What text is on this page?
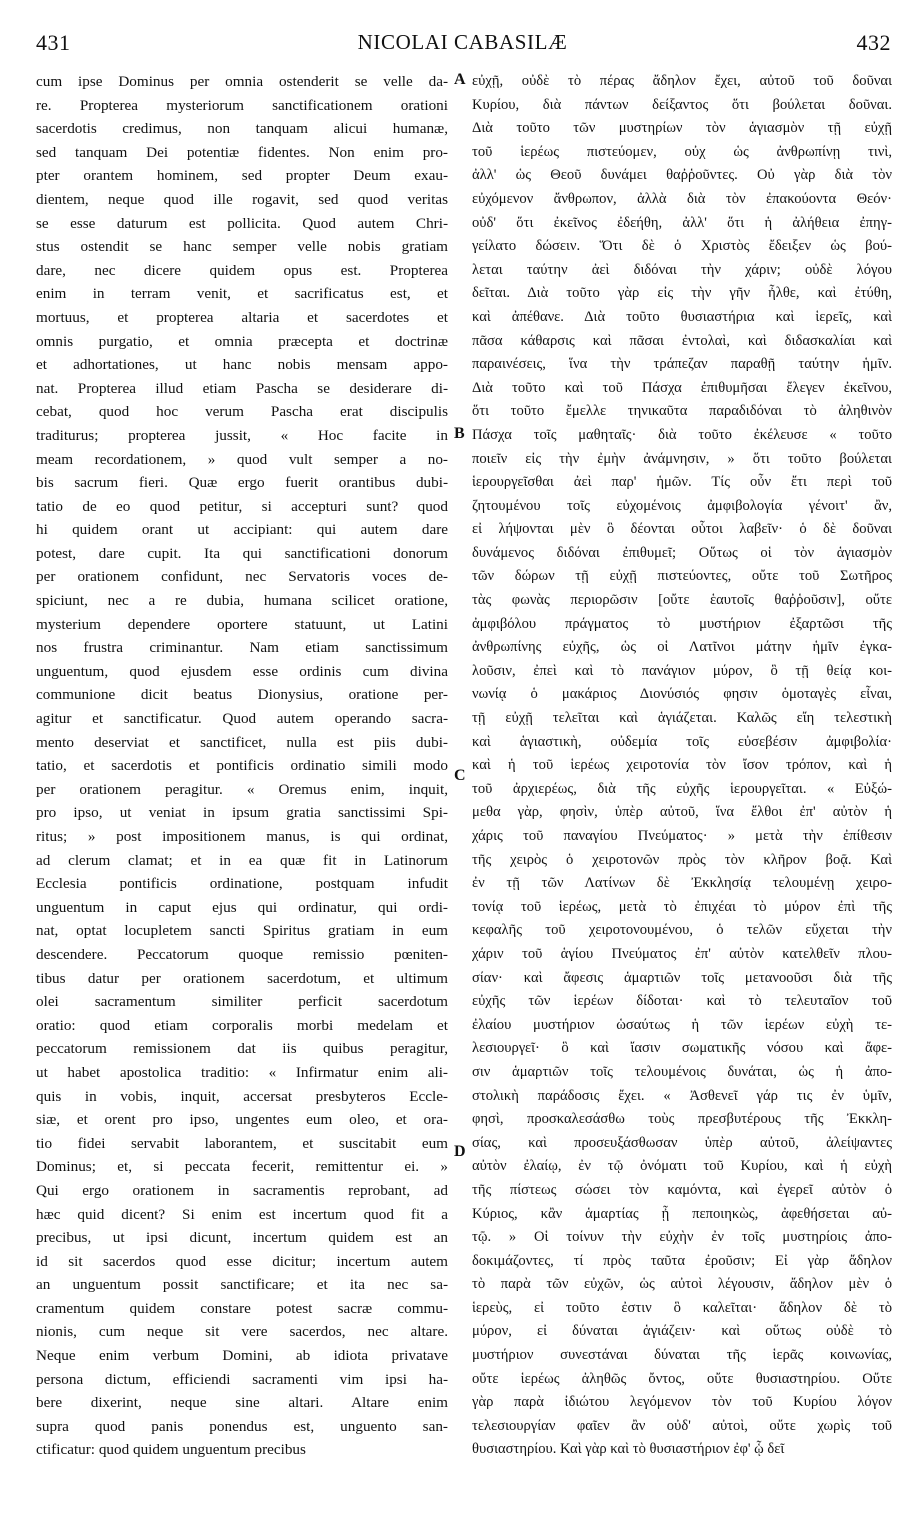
431	NICOLAI CABASILÆ	432
cum ipse Dominus per omnia ostenderit se velle da-
re. Propterea mysteriorum sanctificationem orationi
sacerdotis credimus, non tanquam alicui humanæ,
sed tanquam Dei potentiæ fidentes. Non enim pro-
pter orantem hominem, sed propter Deum exau-
dientem, neque quod ille rogavit, sed quod veritas
se esse daturum est pollicita. Quod autem Chri-
stus ostendit se hanc semper velle nobis gratiam
dare, nec dicere quidem opus est. Propterea
enim in terram venit, et sacrificatus est, et
mortuus, et propterea altaria et sacerdotes et
omnis purgatio, et omnia præcepta et doctrinæ
et adhortationes, ut hanc nobis mensam appo-
nat. Propterea illud etiam Pascha se desiderare di-
cebat, quod hoc verum Pascha erat discipulis
traditurus; propterea jussit, « Hoc facite in
meam recordationem, » quod vult semper a no-
bis sacrum fieri. Quæ ergo fuerit orantibus dubi-
tatio de eo quod petitur, si accepturi sunt? quod
hi quidem orant ut accipiant: qui autem dare
potest, dare cupit. Ita qui sanctificationi donorum
per orationem confidunt, nec Servatoris voces de-
spiciunt, nec a re dubia, humana scilicet oratione,
mysterium dependere oportere statuunt, ut Latini
nos frustra criminantur. Nam etiam sanctissimum
unguentum, quod ejusdem esse ordinis cum divina
communione dicit beatus Dionysius, oratione per-
agitur et sanctificatur. Quod autem operando sacra-
mento deserviat et sanctificet, nulla est piis dubi-
tatio, et sacerdotis et pontificis ordinatio simili modo
per orationem peragitur. « Oremus enim, inquit,
pro ipso, ut veniat in ipsum gratia sanctissimi Spi-
ritus; » post impositionem manus, is qui ordinat,
ad clerum clamat; et in ea quæ fit in Latinorum
Ecclesia pontificis ordinatione, postquam infudit
unguentum in caput ejus qui ordinatur, qui ordi-
nat, optat locupletem sancti Spiritus gratiam in eum
descendere. Peccatorum quoque remissio pœniten-
tibus datur per orationem sacerdotum, et ultimum
olei sacramentum similiter perficit sacerdotum
oratio: quod etiam corporalis morbi medelam et
peccatorum remissionem dat iis quibus peragitur,
ut habet apostolica traditio: « Infirmatur enim ali-
quis in vobis, inquit, accersat presbyteros Eccle-
siæ, et orent pro ipso, ungentes eum oleo, et ora-
tio fidei servabit laborantem, et suscitabit eum
Dominus; et, si peccata fecerit, remittentur ei. »
Qui ergo orationem in sacramentis reprobant, ad
hæc quid dicent? Si enim est incertum quod fit a
precibus, ut ipsi dicunt, incertum quidem est an
id sit sacerdos quod esse dicitur; incertum autem
an unguentum possit sanctificare; et ita nec sa-
cramentum quidem constare potest sacræ commu-
nionis, cum neque sit vere sacerdos, nec altare.
Neque enim verbum Domini, ab idiota privatave
persona dictum, efficiendi sacramenti vim ipsi ha-
bere dixerint, neque sine altari. Altare enim
supra quod panis ponendus est, unguento san-
ctificatur: quod quidem unguentum precibus
εὐχῇ, οὐδὲ τὸ πέρας ἄδηλον ἔχει, αὐτοῦ τοῦ δοῦναι
Κυρίου, διὰ πάντων δείξαντος ὅτι βούλεται δοῦναι.
Διὰ τοῦτο τῶν μυστηρίων τὸν ἁγιασμὸν τῇ εὐχῇ
τοῦ ἱερέως πιστεύομεν, οὐχ ὡς ἀνθρωπίνῃ τινὶ,
ἀλλ' ὡς Θεοῦ δυνάμει θαῤῥοῦντες. Οὐ γὰρ διὰ τὸν
εὐχόμενον ἄνθρωπον, ἀλλὰ διὰ τὸν ἐπακούοντα Θεόν·
οὐδ' ὅτι ἐκεῖνος ἐδεήθη, ἀλλ' ὅτι ἡ ἀλήθεια ἐπηγ-
γείλατο δώσειν. Ὅτι δὲ ὁ Χριστὸς ἔδειξεν ὡς βού-
λεται ταύτην ἀεὶ διδόναι τὴν χάριν; οὐδὲ λόγου
δεῖται. Διὰ τοῦτο γὰρ εἰς τὴν γῆν ἦλθε, καὶ ἐτύθη,
καὶ ἀπέθανε. Διὰ τοῦτο θυσιαστήρια καὶ ἱερεῖς, καὶ
πᾶσα κάθαρσις καὶ πᾶσαι ἐντολαὶ, καὶ διδασκαλίαι καὶ
παραινέσεις, ἵνα τὴν τράπεζαν παραθῇ ταύτην ἡμῖν.
Διὰ τοῦτο καὶ τοῦ Πάσχα ἐπιθυμῆσαι ἔλεγεν ἐκεῖνου,
ὅτι τοῦτο ἔμελλε τηνικαῦτα παραδιδόναι τὸ ἀληθινὸν
Πάσχα τοῖς μαθηταῖς· διὰ τοῦτο ἐκέλευσε « τοῦτο
ποιεῖν εἰς τὴν ἐμὴν ἀνάμνησιν, » ὅτι τοῦτο βούλεται
ἱερουργεῖσθαι ἀεὶ παρ' ἡμῶν. Τίς οὖν ἔτι περὶ τοῦ
ζητουμένου τοῖς εὐχομένοις ἀμφιβολογία γένοιτ' ἂν,
εἰ λήψονται μὲν ὃ δέονται οὗτοι λαβεῖν· ὁ δὲ δοῦναι
δυνάμενος διδόναι ἐπιθυμεῖ; Οὕτως οἱ τὸν ἁγιασμὸν
τῶν δώρων τῇ εὐχῇ πιστεύοντες, οὔτε τοῦ Σωτῆρος
τὰς φωνὰς περιορῶσιν [οὔτε ἑαυτοῖς θαῤῥοῦσιν], οὔτε
ἀμφιβόλου πράγματος τὸ μυστήριον ἐξαρτῶσι τῆς
ἀνθρωπίνης εὐχῆς, ὡς οἱ Λατῖνοι μάτην ἡμῖν ἐγκα-
λοῦσιν, ἐπεὶ καὶ τὸ πανάγιον μύρον, ὃ τῇ θείᾳ κοι-
νωνίᾳ ὁ μακάριος Διονύσιός φησιν ὁμοταγὲς εἶναι,
τῇ εὐχῇ τελεῖται καὶ ἁγιάζεται. Καλῶς εἴη τελεστικὴ
καὶ ἁγιαστικὴ, οὐδεμία τοῖς εὐσεβέσιν ἀμφιβολία·
καὶ ἡ τοῦ ἱερέως χειροτονία τὸν ἴσον τρόπον, καὶ ἡ
τοῦ ἀρχιερέως, διὰ τῆς εὐχῆς ἱερουργεῖται. « Εὐξώ-
μεθα γὰρ, φησὶν, ὑπὲρ αὐτοῦ, ἵνα ἔλθοι ἐπ' αὐτὸν ἡ
χάρις τοῦ παναγίου Πνεύματος· » μετὰ τὴν ἐπίθεσιν
τῆς χειρὸς ὁ χειροτονῶν πρὸς τὸν κλῆρον βοᾷ. Καὶ
ἐν τῇ τῶν Λατίνων δὲ Ἐκκλησίᾳ τελουμένῃ χειρο-
τονίᾳ τοῦ ἱερέως, μετὰ τὸ ἐπιχέαι τὸ μύρον ἐπὶ τῆς
κεφαλῆς τοῦ χειροτονουμένου, ὁ τελῶν εὔχεται τὴν
χάριν τοῦ ἁγίου Πνεύματος ἐπ' αὐτὸν κατελθεῖν πλου-
σίαν· καὶ ἄφεσις ἁμαρτιῶν τοῖς μετανοοῦσι διὰ τῆς
εὐχῆς τῶν ἱερέων δίδοται· καὶ τὸ τελευταῖον τοῦ
ἐλαίου μυστήριον ὡσαύτως ἡ τῶν ἱερέων εὐχὴ τε-
λεσιουργεῖ· ὃ καὶ ἴασιν σωματικῆς νόσου καὶ ἄφε-
σιν ἁμαρτιῶν τοῖς τελουμένοις δυνάται, ὡς ἡ ἀπο-
στολικὴ παράδοσις ἔχει. « Ἀσθενεῖ γάρ τις ἐν ὑμῖν,
φησὶ, προσκαλεσάσθω τοὺς πρεσβυτέρους τῆς Ἐκκλη-
σίας, καὶ προσευξάσθωσαν ὑπὲρ αὐτοῦ, ἀλείψαντες
αὐτὸν ἐλαίῳ, ἐν τῷ ὀνόματι τοῦ Κυρίου, καὶ ἡ εὐχὴ
τῆς πίστεως σώσει τὸν καμόντα, καὶ ἐγερεῖ αὐτὸν ὁ
Κύριος, κἂν ἁμαρτίας ᾖ πεποιηκὼς, ἀφεθήσεται αὐ-
τῷ. » Οἱ τοίνυν τὴν εὐχὴν ἐν τοῖς μυστηρίοις ἀπο-
δοκιμάζοντες, τί πρὸς ταῦτα ἐροῦσιν; Εἰ γὰρ ἄδηλον
τὸ παρὰ τῶν εὐχῶν, ὡς αὐτοὶ λέγουσιν, ἄδηλον μὲν ὁ
ἱερεὺς, εἰ τοῦτο ἐστιν ὃ καλεῖται· ἄδηλον δὲ τὸ
μύρον, εἰ δύναται ἁγιάζειν· καὶ οὕτως οὐδὲ τὸ
μυστήριον συνεστάναι δύναται τῆς ἱερᾶς κοινωνίας,
οὔτε ἱερέως ἀληθῶς ὄντος, οὔτε θυσιαστηρίου. Οὔτε
γὰρ παρὰ ἰδιώτου λεγόμενον τὸν τοῦ Κυρίου λόγον
τελεσιουργίαν φαῖεν ἂν οὐδ' αὐτοὶ, οὔτε χωρὶς τοῦ
θυσιαστηρίου. Καὶ γὰρ καὶ τὸ θυσιαστήριον ἐφ' ᾧ δεῖ
A
B
C
D
